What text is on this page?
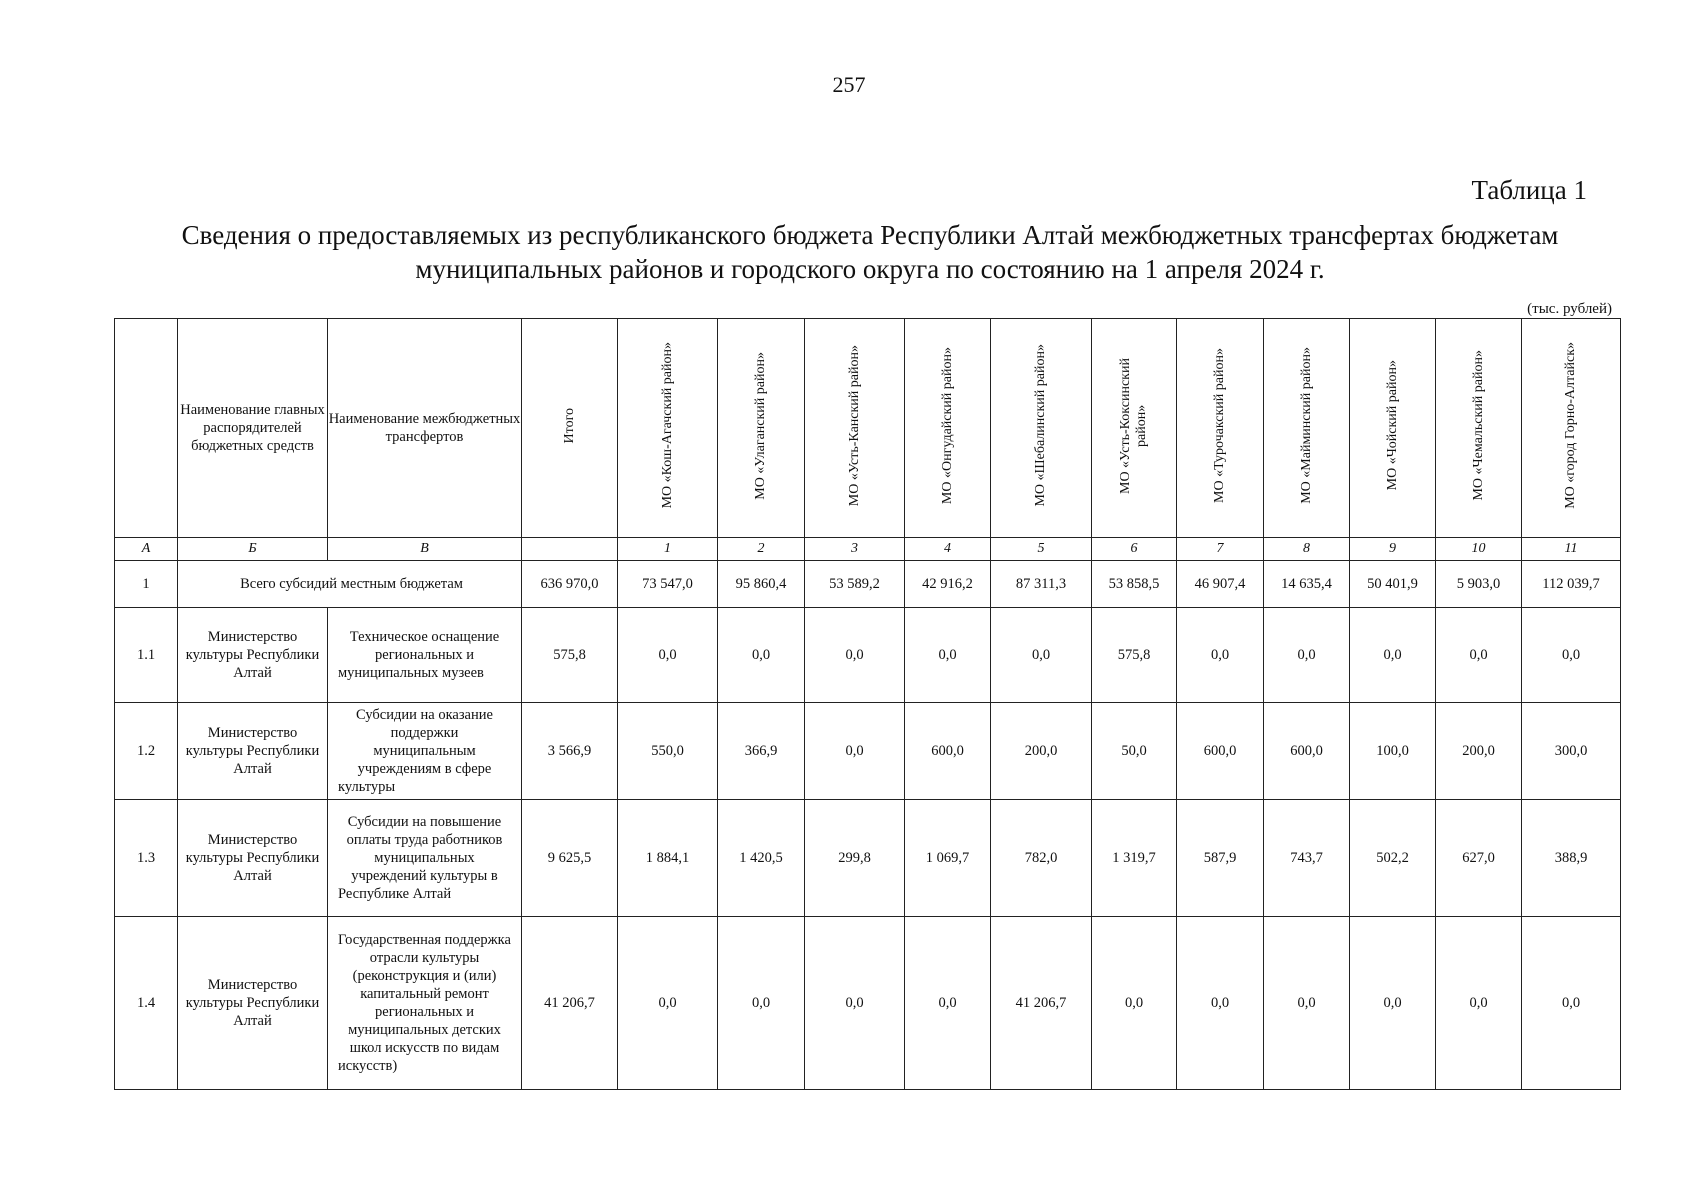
257
Таблица 1
Сведения о предоставляемых из республиканского бюджета Республики Алтай межбюджетных трансфертах бюджетам
муниципальных районов и городского округа по состоянию на 1 апреля 2024 г.
(тыс. рублей)

	Наименование главных распорядителей бюджетных средств	Наименование межбюджетных трансфертов	Итого	МО «Кош-Агачский район»	МО «Улаганский район»	МО «Усть-Канский район»	МО «Онгудайский район»	МО «Шебалинский район»	МО «Усть-Коксинский район»	МО «Турочакский район»	МО «Майминский район»	МО «Чойский район»	МО «Чемальский район»	МО «город Горно-Алтайск»
А	Б	В		1	2	3	4	5	6	7	8	9	10	11
1	Всего субсидий местным бюджетам		636 970,0	73 547,0	95 860,4	53 589,2	42 916,2	87 311,3	53 858,5	46 907,4	14 635,4	50 401,9	5 903,0	112 039,7
1.1	Министерство культуры Республики Алтай	Техническое оснащение региональных и муниципальных музеев	575,8	0,0	0,0	0,0	0,0	0,0	575,8	0,0	0,0	0,0	0,0	0,0
1.2	Министерство культуры Республики Алтай	Субсидии на оказание поддержки муниципальным учреждениям в сфере культуры	3 566,9	550,0	366,9	0,0	600,0	200,0	50,0	600,0	600,0	100,0	200,0	300,0
1.3	Министерство культуры Республики Алтай	Субсидии на повышение оплаты труда работников муниципальных учреждений культуры в Республике Алтай	9 625,5	1 884,1	1 420,5	299,8	1 069,7	782,0	1 319,7	587,9	743,7	502,2	627,0	388,9
1.4	Министерство культуры Республики Алтай	Государственная поддержка отрасли культуры (реконструкция и (или) капитальный ремонт региональных и муниципальных детских школ искусств по видам искусств)	41 206,7	0,0	0,0	0,0	0,0	41 206,7	0,0	0,0	0,0	0,0	0,0	0,0
